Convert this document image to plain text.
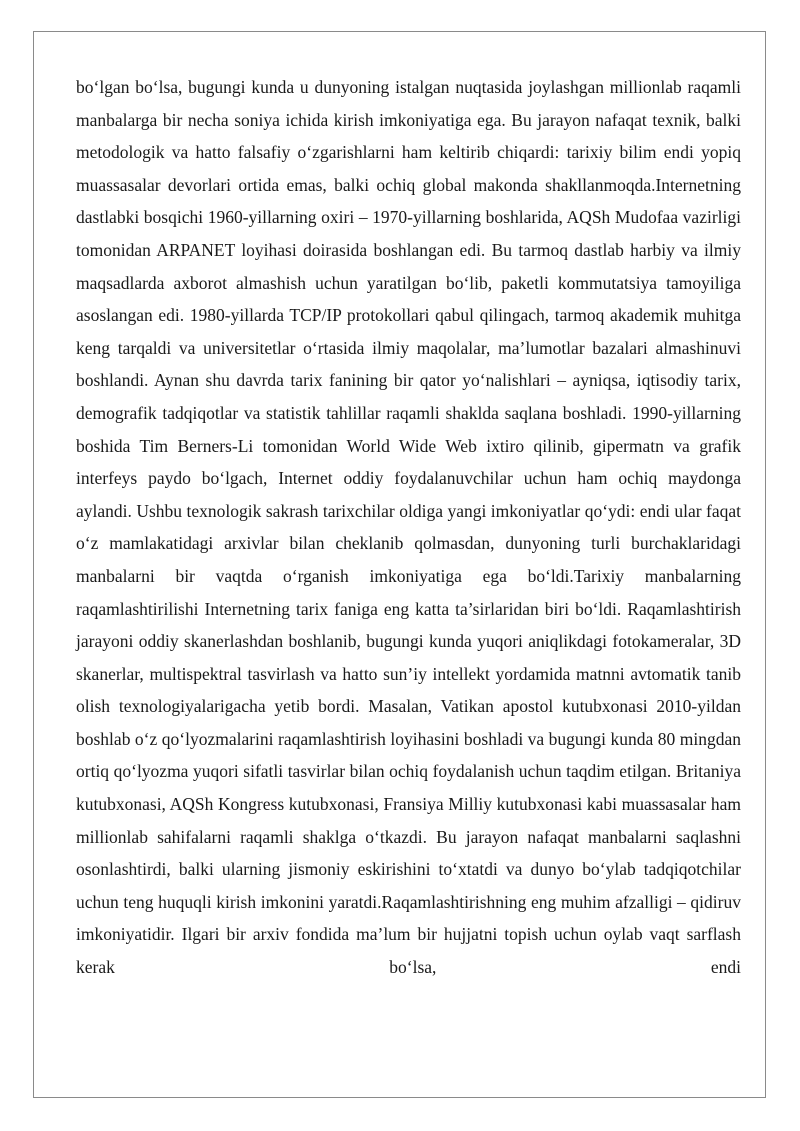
bo‘lgan bo‘lsa, bugungi kunda u dunyoning istalgan nuqtasida joylashgan millionlab raqamli manbalarga bir necha soniya ichida kirish imkoniyatiga ega. Bu jarayon nafaqat texnik, balki metodologik va hatto falsafiy o‘zgarishlarni ham keltirib chiqardi: tarixiy bilim endi yopiq muassasalar devorlari ortida emas, balki ochiq global makonda shakllanmoqda.Internetning dastlabki bosqichi 1960-yillarning oxiri – 1970-yillarning boshlarida, AQSh Mudofaa vazirligi tomonidan ARPANET loyihasi doirasida boshlangan edi. Bu tarmoq dastlab harbiy va ilmiy maqsadlarda axborot almashish uchun yaratilgan bo‘lib, paketli kommutatsiya tamoyiliga asoslangan edi. 1980-yillarda TCP/IP protokollari qabul qilingach, tarmoq akademik muhitga keng tarqaldi va universitetlar o‘rtasida ilmiy maqolalar, ma’lumotlar bazalari almashinuvi boshlandi. Aynan shu davrda tarix fanining bir qator yo‘nalishlari – ayniqsa, iqtisodiy tarix, demografik tadqiqotlar va statistik tahlillar raqamli shaklda saqlana boshladi. 1990-yillarning boshida Tim Berners-Li tomonidan World Wide Web ixtiro qilinib, gipermatn va grafik interfeys paydo bo‘lgach, Internet oddiy foydalanuvchilar uchun ham ochiq maydonga aylandi. Ushbu texnologik sakrash tarixchilar oldiga yangi imkoniyatlar qo‘ydi: endi ular faqat o‘z mamlakatidagi arxivlar bilan cheklanib qolmasdan, dunyoning turli burchaklaridagi manbalarni bir vaqtda o‘rganish imkoniyatiga ega bo‘ldi.Tarixiy manbalarning raqamlashtirilishi Internetning tarix faniga eng katta ta’sirlaridan biri bo‘ldi. Raqamlashtirish jarayoni oddiy skanerlashdan boshlanib, bugungi kunda yuqori aniqlikdagi fotokameralar, 3D skanerlar, multispektral tasvirlash va hatto sun’iy intellekt yordamida matnni avtomatik tanib olish texnologiyalarigacha yetib bordi. Masalan, Vatikan apostol kutubxonasi 2010-yildan boshlab o‘z qo‘lyozmalarini raqamlashtirish loyihasini boshladi va bugungi kunda 80 mingdan ortiq qo‘lyozma yuqori sifatli tasvirlar bilan ochiq foydalanish uchun taqdim etilgan. Britaniya kutubxonasi, AQSh Kongress kutubxonasi, Fransiya Milliy kutubxonasi kabi muassasalar ham millionlab sahifalarni raqamli shaklga o‘tkazdi. Bu jarayon nafaqat manbalarni saqlashni osonlashtirdi, balki ularning jismoniy eskirishini to‘xtatdi va dunyo bo‘ylab tadqiqotchilar uchun teng huquqli kirish imkonini yaratdi.Raqamlashtirishning eng muhim afzalligi – qidiruv imkoniyatidir. Ilgari bir arxiv fondida ma’lum bir hujjatni topish uchun oylab vaqt sarflash kerak bo‘lsa, endi
